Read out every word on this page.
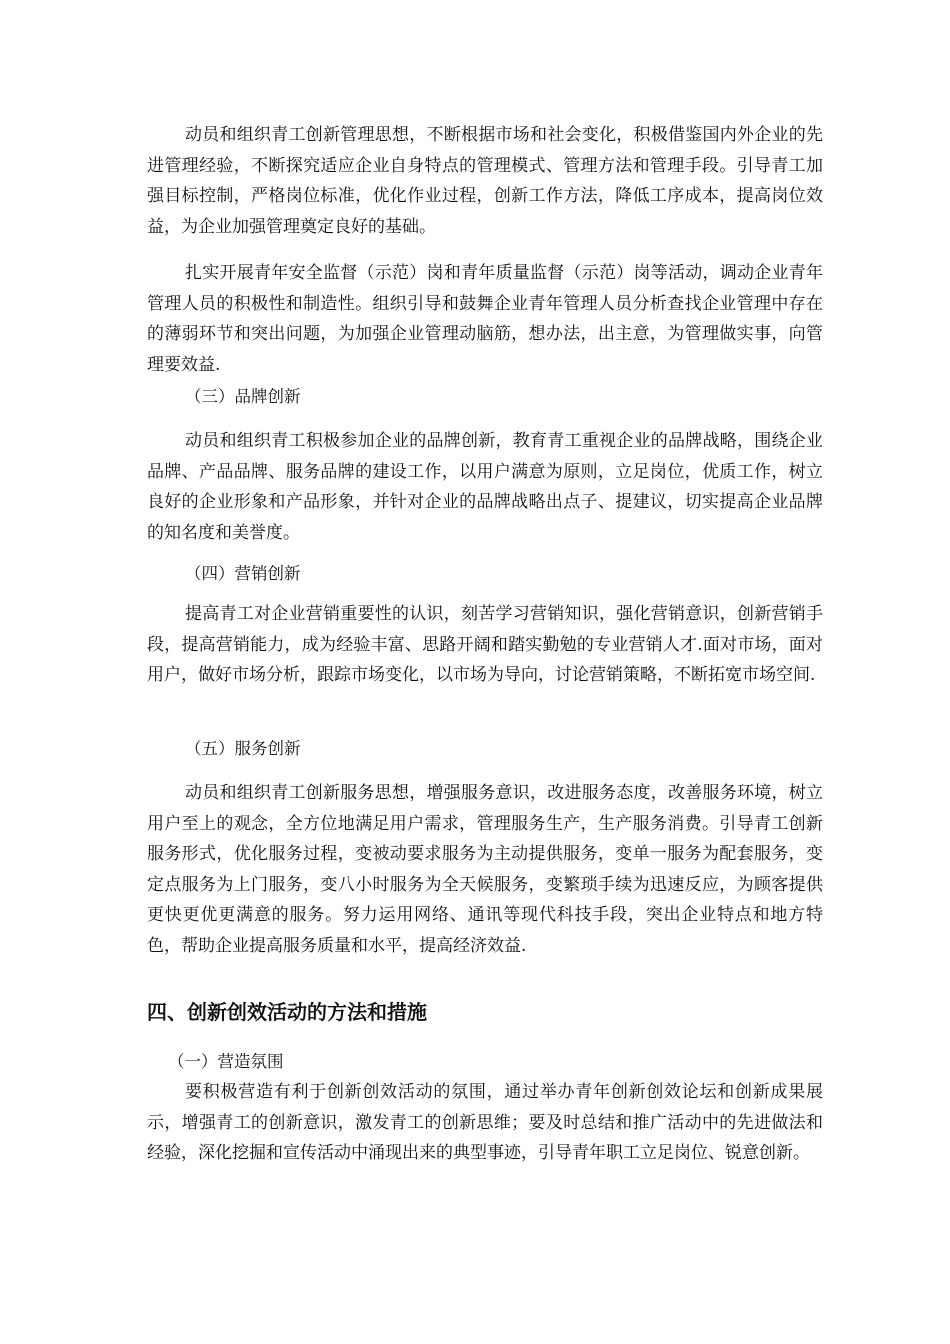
动员和组织青工创新管理思想，不断根据市场和社会变化，积极借鉴国内外企业的先进管理经验，不断探究适应企业自身特点的管理模式、管理方法和管理手段。引导青工加强目标控制，严格岗位标准，优化作业过程，创新工作方法，降低工序成本，提高岗位效益，为企业加强管理奠定良好的基础。

扎实开展青年安全监督（示范）岗和青年质量监督（示范）岗等活动，调动企业青年管理人员的积极性和制造性。组织引导和鼓舞企业青年管理人员分析查找企业管理中存在的薄弱环节和突出问题，为加强企业管理动脑筋，想办法，出主意，为管理做实事，向管理要效益.

（三）品牌创新

动员和组织青工积极参加企业的品牌创新，教育青工重视企业的品牌战略，围绕企业品牌、产品品牌、服务品牌的建设工作，以用户满意为原则，立足岗位，优质工作，树立良好的企业形象和产品形象，并针对企业的品牌战略出点子、提建议，切实提高企业品牌的知名度和美誉度。

（四）营销创新

提高青工对企业营销重要性的认识，刻苦学习营销知识，强化营销意识，创新营销手段，提高营销能力，成为经验丰富、思路开阔和踏实勤勉的专业营销人才.面对市场，面对用户，做好市场分析，跟踪市场变化，以市场为导向，讨论营销策略，不断拓宽市场空间.

（五）服务创新

动员和组织青工创新服务思想，增强服务意识，改进服务态度，改善服务环境，树立用户至上的观念，全方位地满足用户需求，管理服务生产，生产服务消费。引导青工创新服务形式，优化服务过程，变被动要求服务为主动提供服务，变单一服务为配套服务，变定点服务为上门服务，变八小时服务为全天候服务，变繁琐手续为迅速反应，为顾客提供更快更优更满意的服务。努力运用网络、通讯等现代科技手段，突出企业特点和地方特色，帮助企业提高服务质量和水平，提高经济效益.

四、创新创效活动的方法和措施

（一）营造氛围

要积极营造有利于创新创效活动的氛围，通过举办青年创新创效论坛和创新成果展示，增强青工的创新意识，激发青工的创新思维；要及时总结和推广活动中的先进做法和经验，深化挖掘和宣传活动中涌现出来的典型事迹，引导青年职工立足岗位、锐意创新。
